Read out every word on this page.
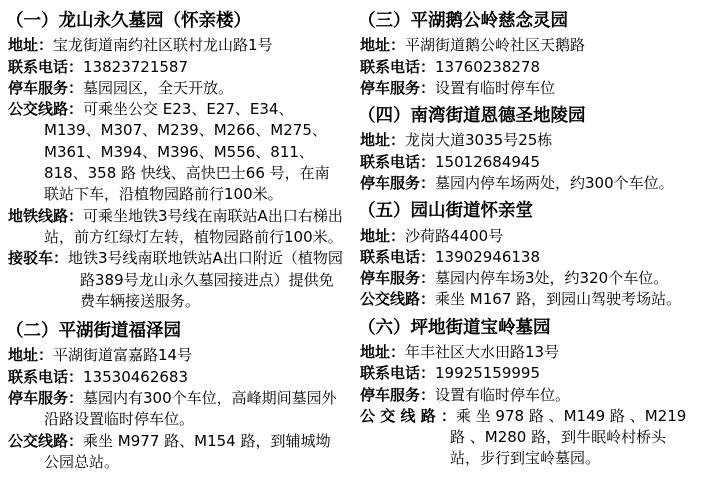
（一）龙山永久墓园（怀亲楼）
地址：宝龙街道南约社区联村龙山路1号
联系电话：13823721587
停车服务：墓园园区，全天开放。
公交线路：可乘坐公交 E23、E27、E34、M139、M307、M239、M266、M275、M361、M394、M396、M556、811、818、358 路 快线、高快巴士66 号，在南联站下车，沿植物园路前行100米。
地铁线路：可乘坐地铁3号线在南联站A出口右梯出站，前方红绿灯左转，植物园路前行100米。
接驳车：地铁3号线南联地铁站A出口附近（植物园路389号龙山永久墓园接进点）提供免费车辆接送服务。
（二）平湖街道福泽园
地址：平湖街道富嘉路14号
联系电话：13530462683
停车服务：墓园内有300个车位，高峰期间墓园外沿路设置临时停车位。
公交线路：乘坐 M977 路、M154 路，到辅城坳公园总站。
（三）平湖鹅公岭慈念灵园
地址：平湖街道鹅公岭社区天鹅路
联系电话：13760238278
停车服务：设置有临时停车位
（四）南湾街道恩德圣地陵园
地址：龙岗大道3035号25栋
联系电话：15012684945
停车服务：墓园内停车场两处，约300个车位。
（五）园山街道怀亲堂
地址：沙荷路4400号
联系电话：13902946138
停车服务：墓园内停车场3处，约320个车位。
公交线路：乘坐 M167 路，到园山驾驶考场站。
（六）坪地街道宝岭墓园
地址：年丰社区大水田路13号
联系电话：19925159995
停车服务：设置有临时停车位。
公 交 线 路 ：乘 坐 978 路 、M149 路 、M219 路 、M280 路，到牛眠岭村桥头站，步行到宝岭墓园。
